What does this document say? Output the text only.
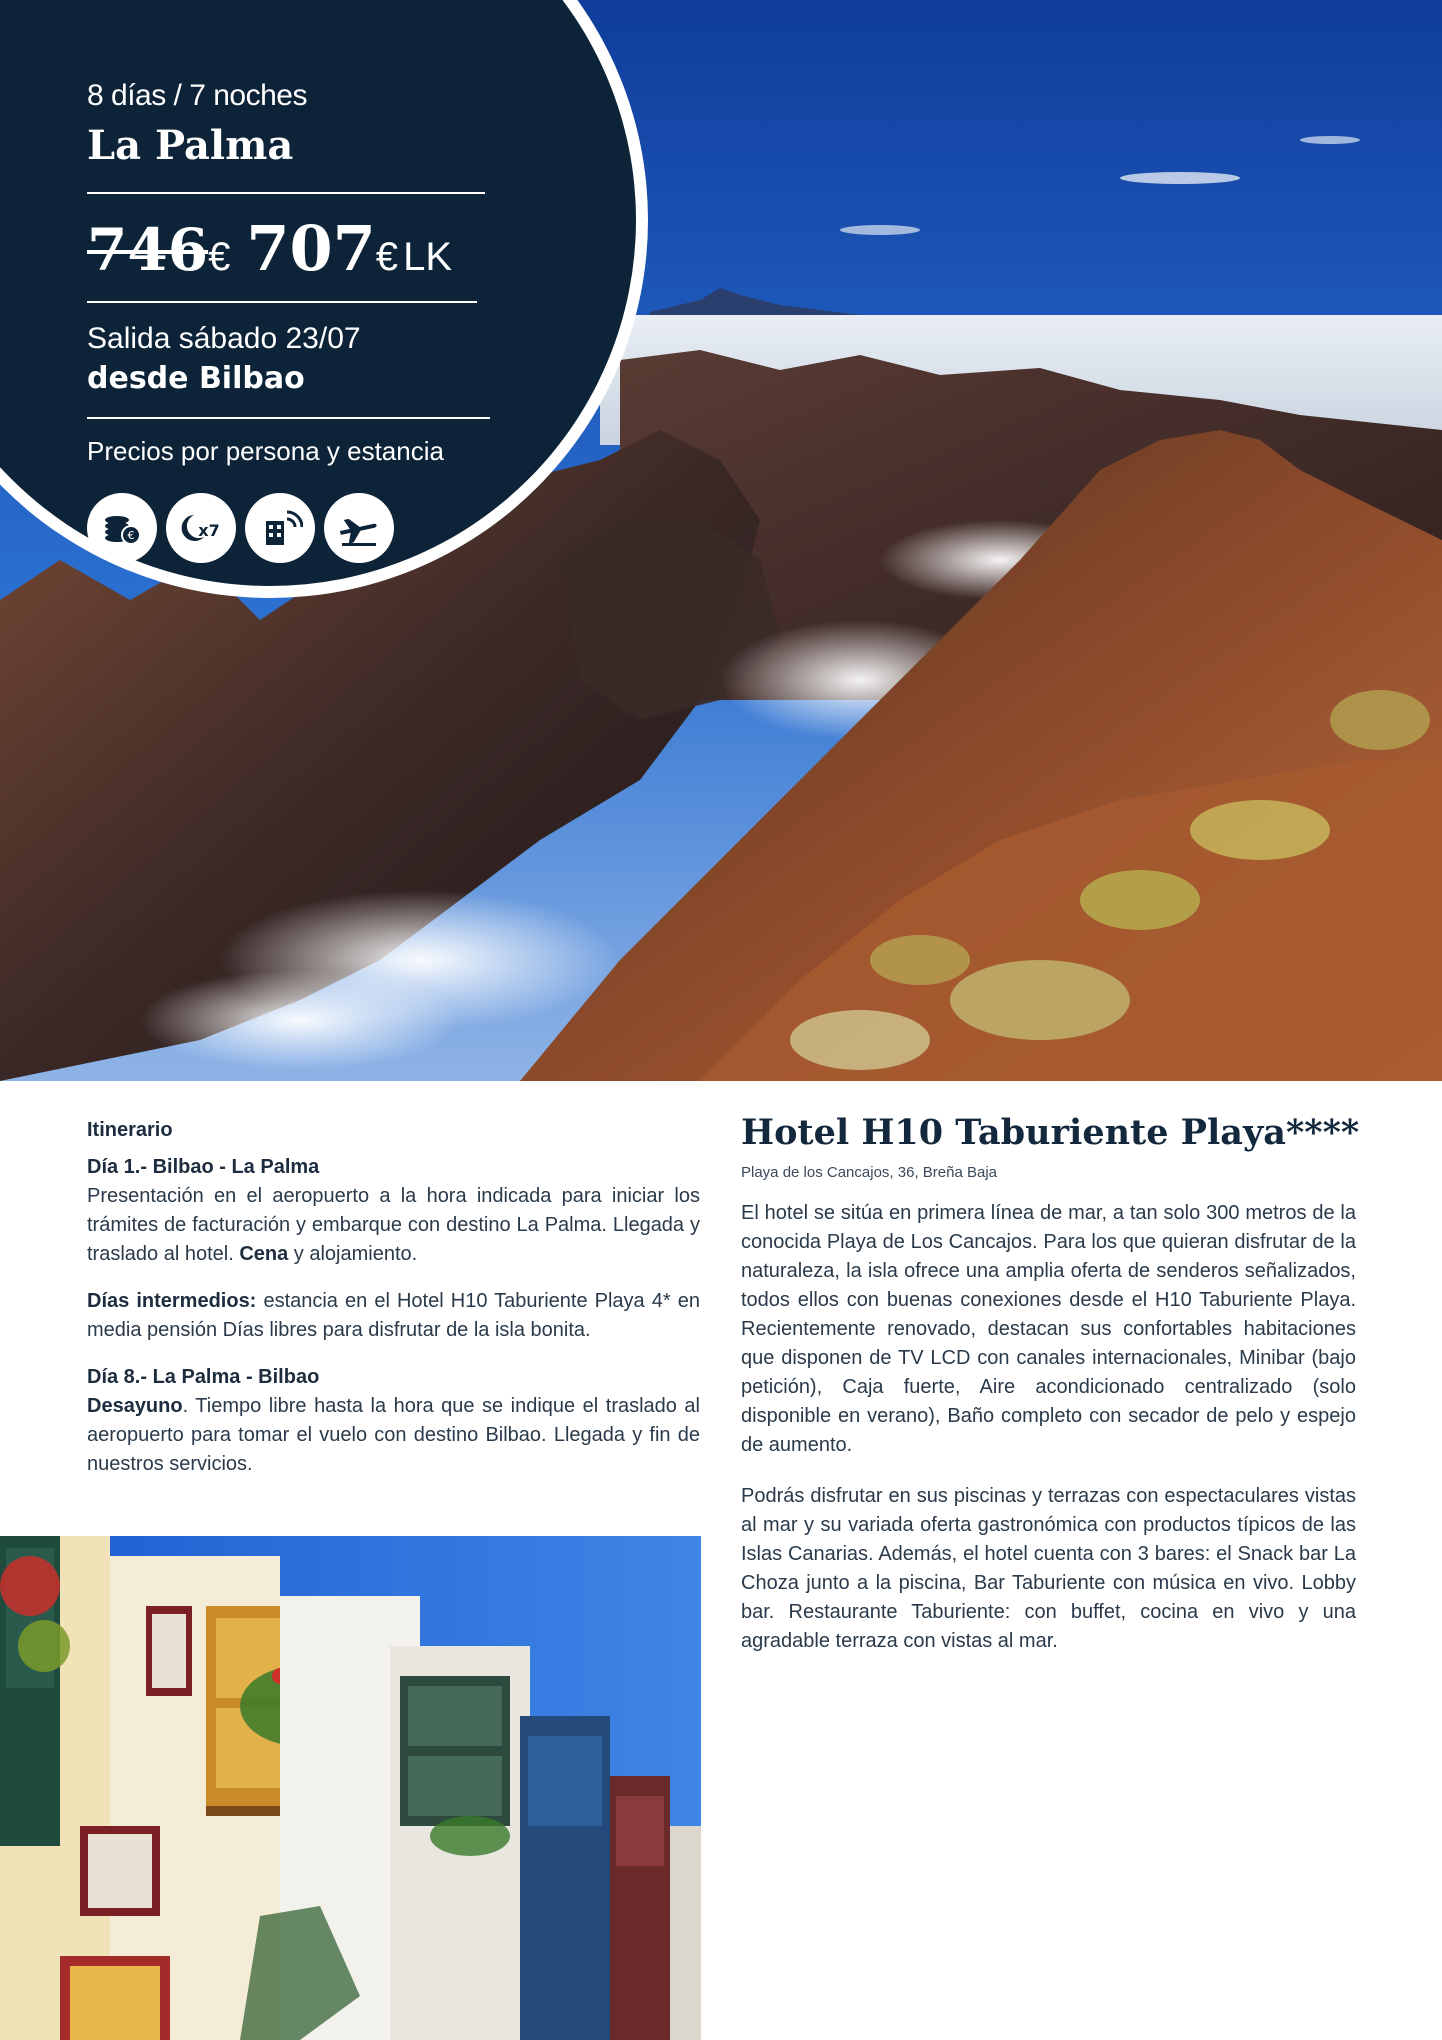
8 días / 7 noches

La Palma

746€ 707€ LK

Salida sábado 23/07

desde Bilbao

Precios por persona y estancia

€	x7

Itinerario

Día 1.- Bilbao - La Palma

Presentación en el aeropuerto a la hora indicada para iniciar los trámites de facturación y embarque con destino La Palma. Llegada y traslado al hotel. Cena y alojamiento.

Días intermedios: estancia en el Hotel H10 Taburiente Playa 4* en media pensión Días libres para disfrutar de la isla bonita.

Día 8.- La Palma - Bilbao

Desayuno. Tiempo libre hasta la hora que se indique el traslado al aeropuerto para tomar el vuelo con destino Bilbao. Llegada y fin de nuestros servicios.

Hotel H10 Taburiente Playa****

Playa de los Cancajos, 36, Breña Baja

El hotel se sitúa en primera línea de mar, a tan solo 300 metros de la conocida Playa de Los Cancajos. Para los que quieran disfrutar de la naturaleza, la isla ofrece una amplia oferta de senderos señalizados, todos ellos con buenas conexiones desde el H10 Taburiente Playa. Recientemente renovado, destacan sus confortables habitaciones que disponen de TV LCD con canales internacionales, Minibar (bajo petición), Caja fuerte, Aire acondicionado centralizado (solo disponible en verano), Baño completo con secador de pelo y espejo de aumento.

Podrás disfrutar en sus piscinas y terrazas con espectaculares vistas al mar y su variada oferta gastronómica con productos típicos de las Islas Canarias. Además, el hotel cuenta con 3 bares: el Snack bar La Choza junto a la piscina, Bar Taburiente con música en vivo. Lobby bar. Restaurante Taburiente: con buffet, cocina en vivo y una agradable terraza con vistas al mar.
